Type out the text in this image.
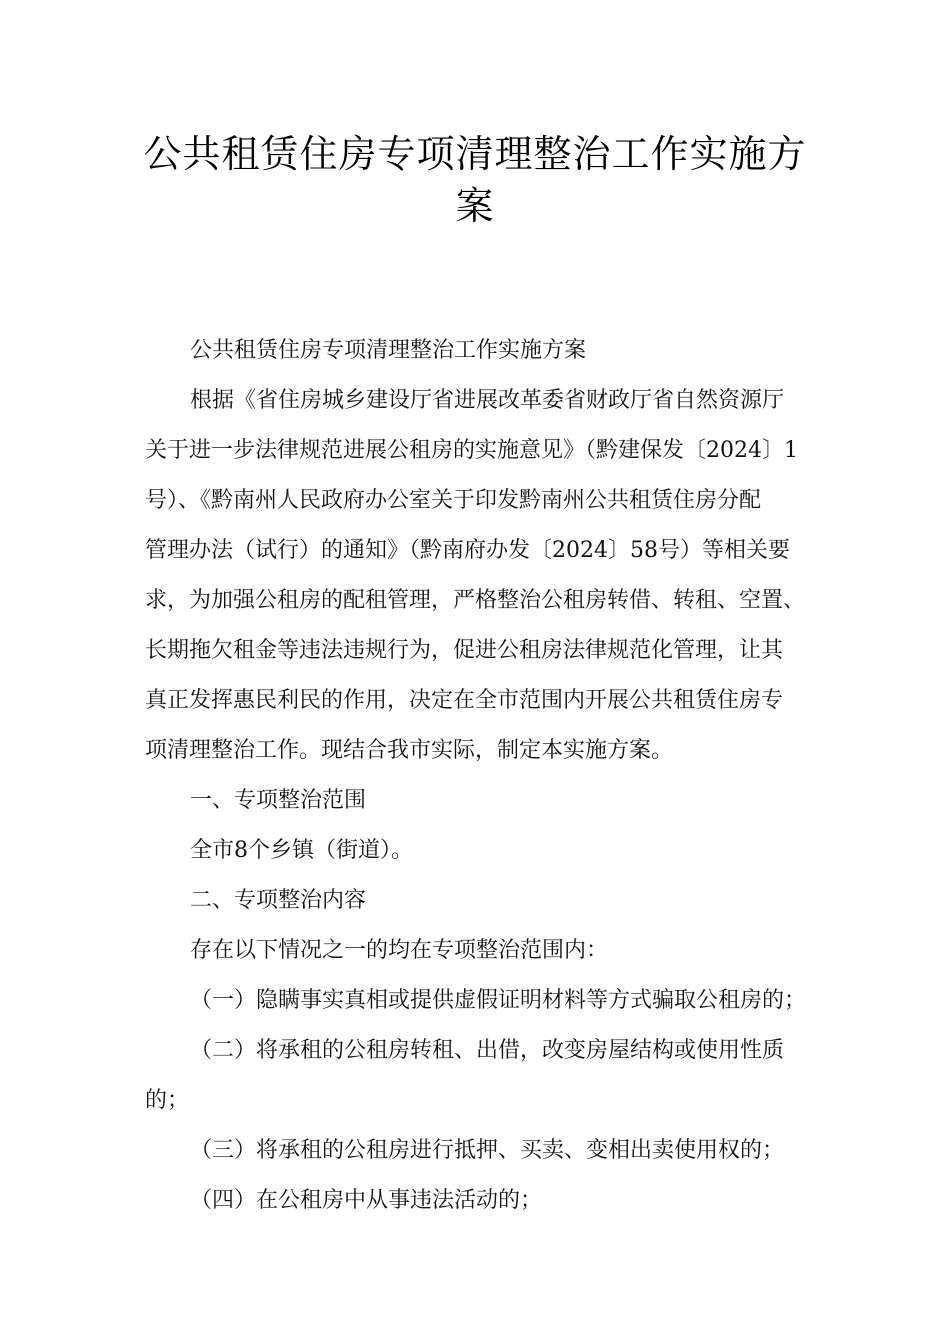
公共租赁住房专项清理整治工作实施方
案
公共租赁住房专项清理整治工作实施方案
根据《省住房城乡建设厅省进展改革委省财政厅省自然资源厅
关于进一步法律规范进展公租房的实施意见》（黔建保发〔2024〕1
号）、《黔南州人民政府办公室关于印发黔南州公共租赁住房分配
管理办法（试行）的通知》（黔南府办发〔2024〕58号）等相关要
求，为加强公租房的配租管理，严格整治公租房转借、转租、空置、
长期拖欠租金等违法违规行为，促进公租房法律规范化管理，让其
真正发挥惠民利民的作用，决定在全市范围内开展公共租赁住房专
项清理整治工作。现结合我市实际，制定本实施方案。
一、专项整治范围
全市8个乡镇（街道）。
二、专项整治内容
存在以下情况之一的均在专项整治范围内：
（一）隐瞒事实真相或提供虚假证明材料等方式骗取公租房的；
（二）将承租的公租房转租、出借，改变房屋结构或使用性质
的；
（三）将承租的公租房进行抵押、买卖、变相出卖使用权的；
（四）在公租房中从事违法活动的；
